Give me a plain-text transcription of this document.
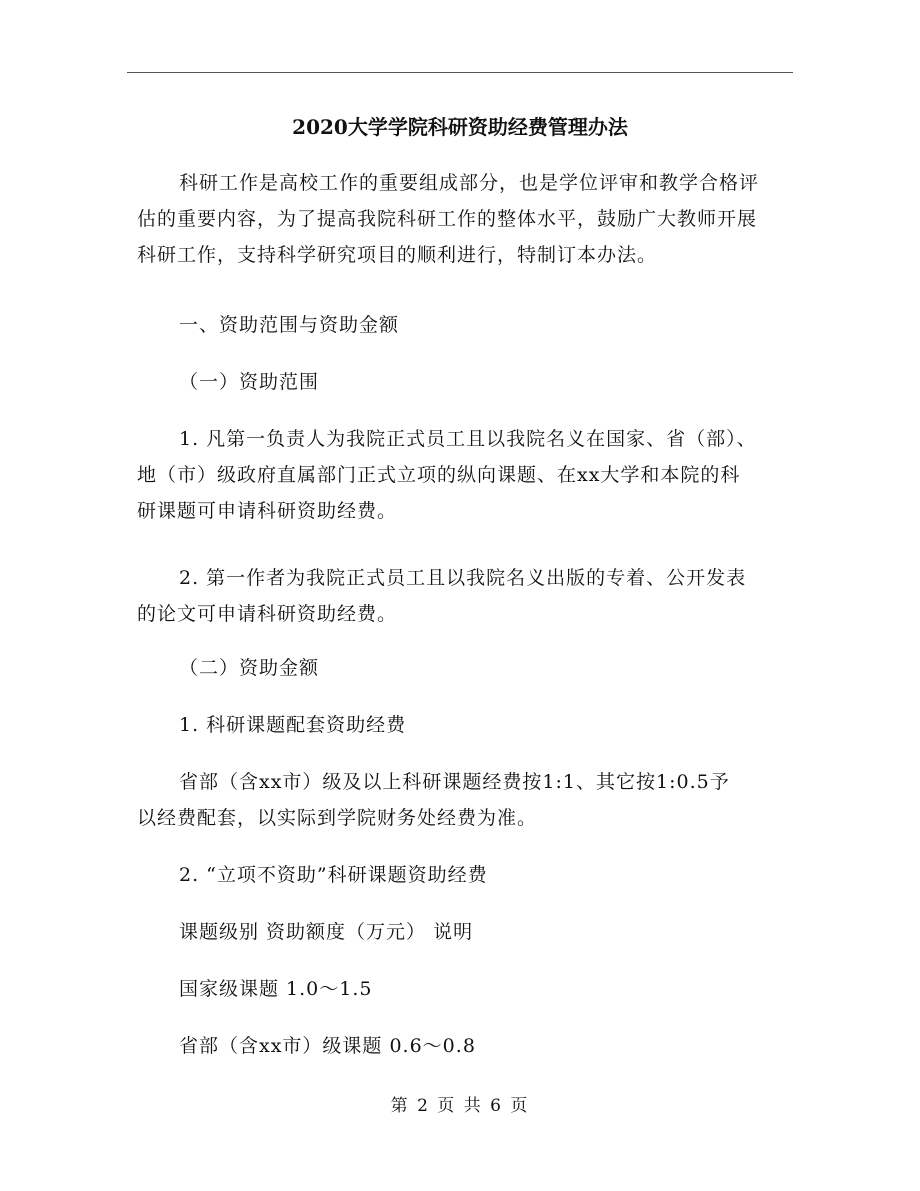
2020大学学院科研资助经费管理办法

科研工作是高校工作的重要组成部分，也是学位评审和教学合格评
估的重要内容，为了提高我院科研工作的整体水平，鼓励广大教师开展
科研工作，支持科学研究项目的顺利进行，特制订本办法。

一、资助范围与资助金额

（一）资助范围

1. 凡第一负责人为我院正式员工且以我院名义在国家、省（部）、
地（市）级政府直属部门正式立项的纵向课题、在xx大学和本院的科
研课题可申请科研资助经费。

2. 第一作者为我院正式员工且以我院名义出版的专着、公开发表
的论文可申请科研资助经费。

（二）资助金额

1. 科研课题配套资助经费

省部（含xx市）级及以上科研课题经费按1:1、其它按1:0.5予
以经费配套，以实际到学院财务处经费为准。

2. “立项不资助”科研课题资助经费

课题级别 资助额度（万元） 说明

国家级课题 1.0～1.5

省部（含xx市）级课题 0.6～0.8

第 2 页 共 6 页
